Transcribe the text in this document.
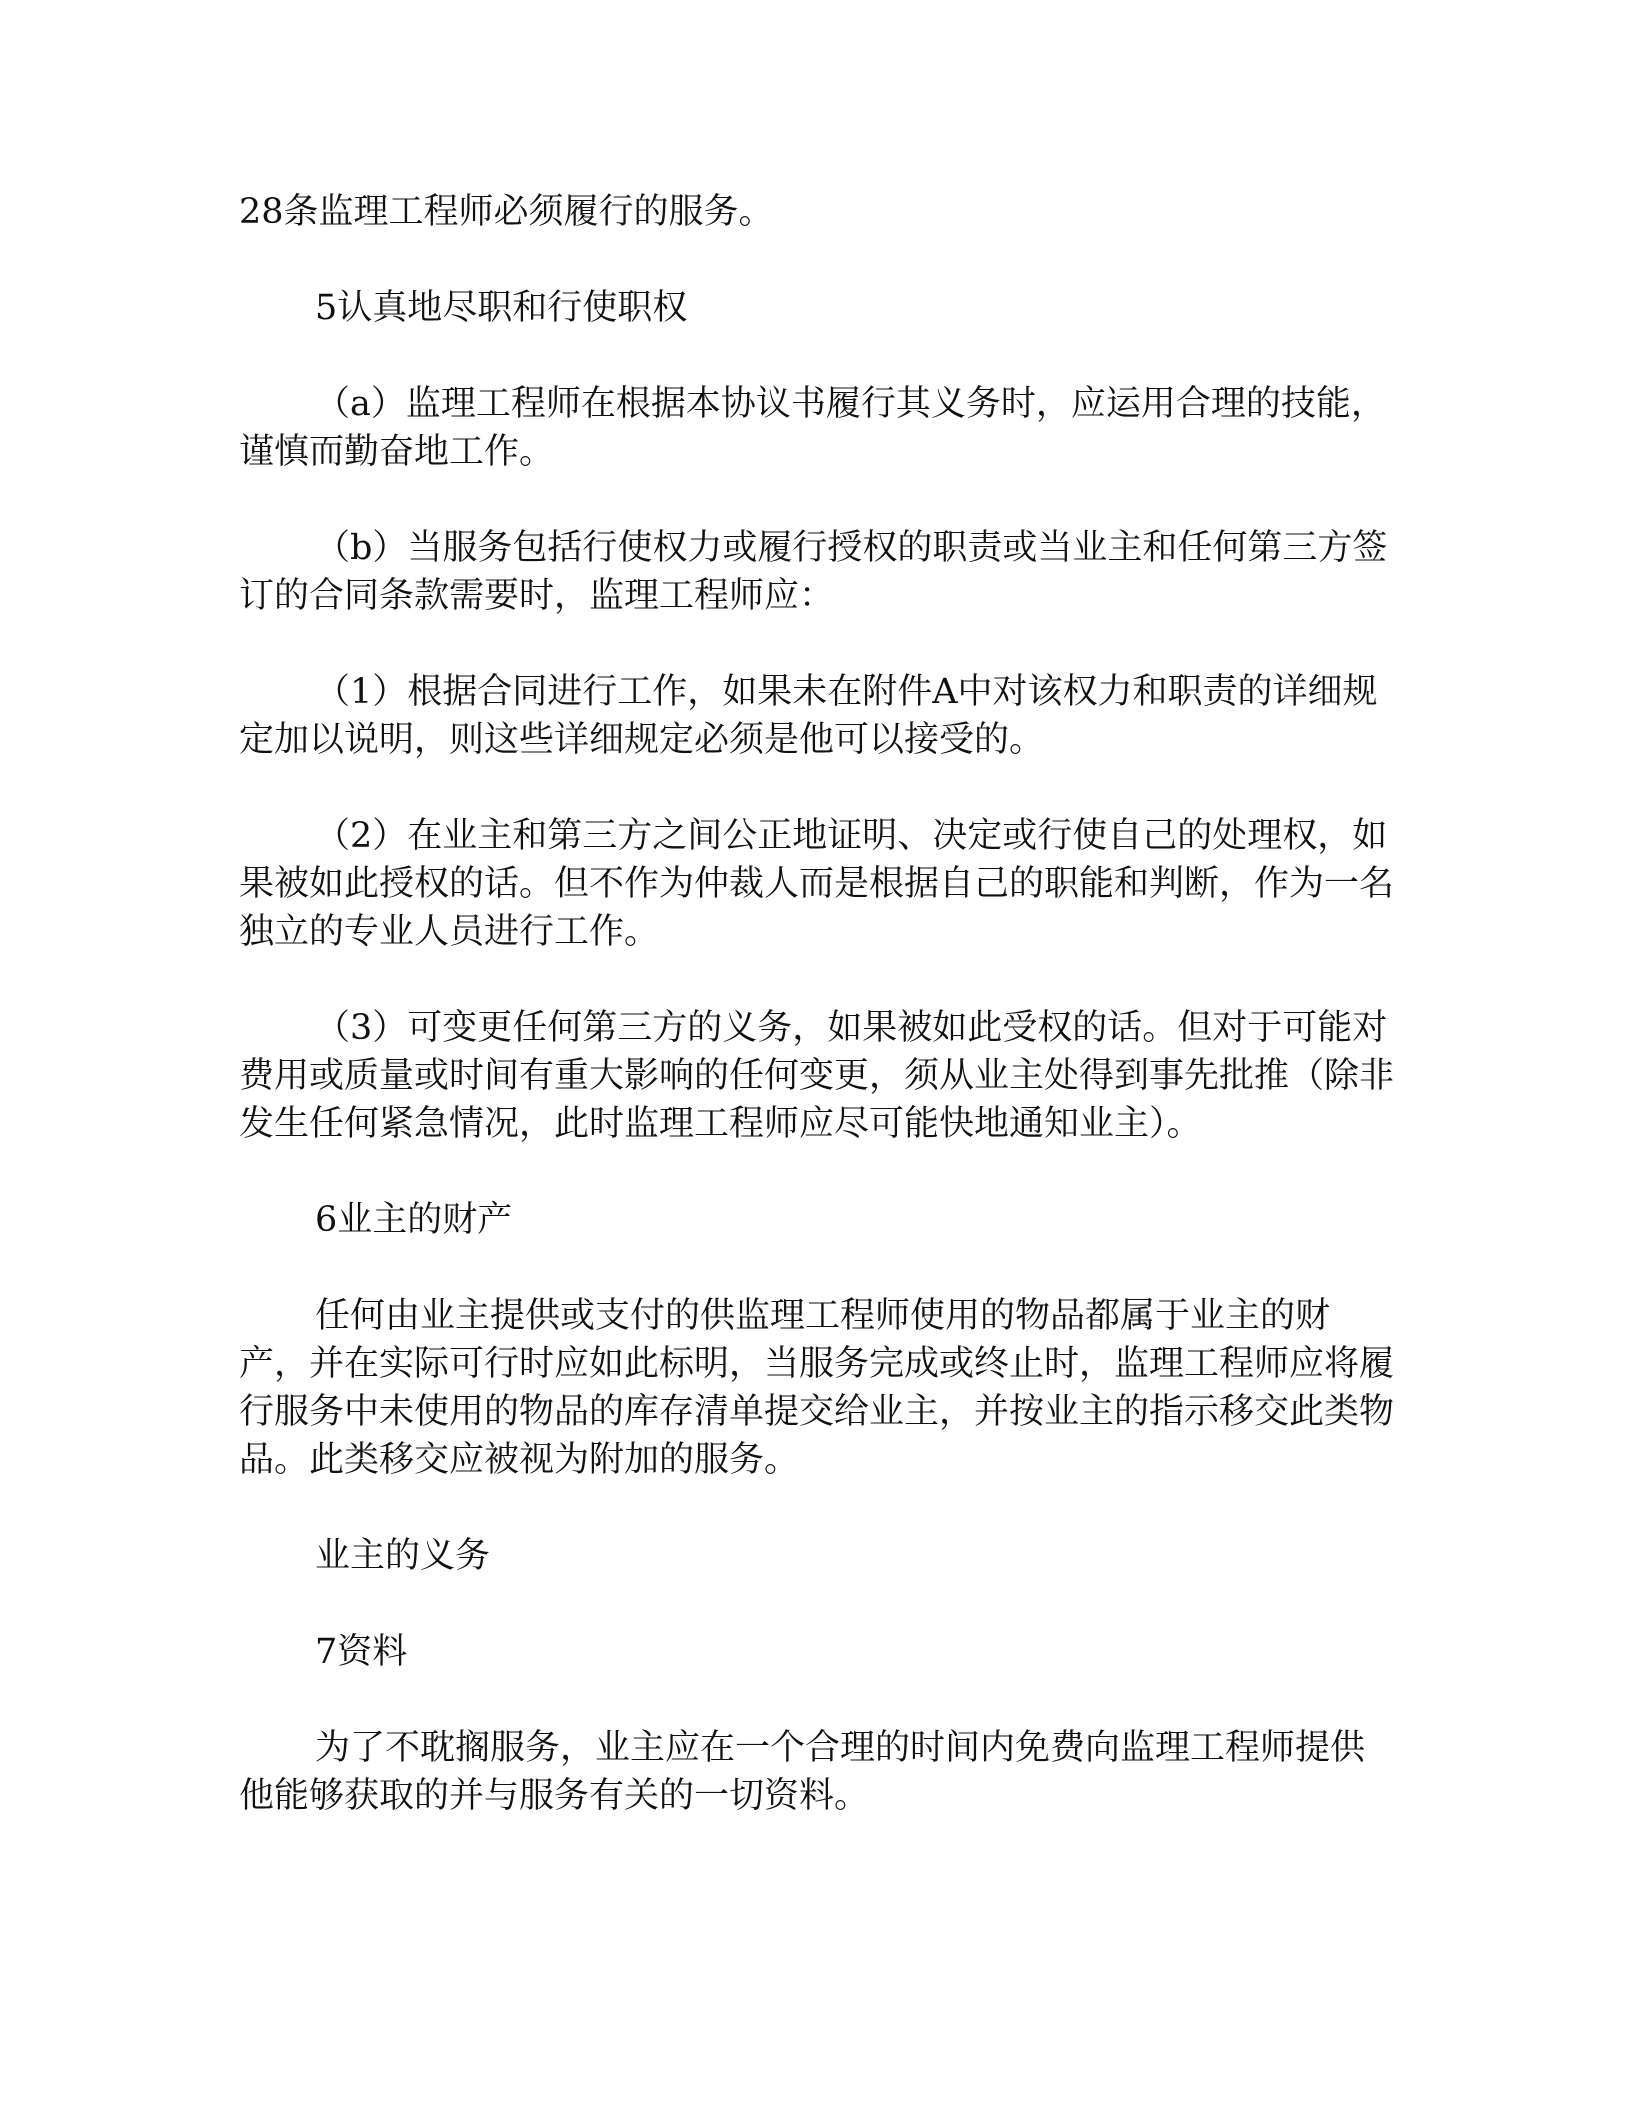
28条监理工程师必须履行的服务。

5认真地尽职和行使职权

（a）监理工程师在根据本协议书履行其义务时，应运用合理的技能，谨慎而勤奋地工作。

（b）当服务包括行使权力或履行授权的职责或当业主和任何第三方签订的合同条款需要时，监理工程师应：

（1）根据合同进行工作，如果未在附件A中对该权力和职责的详细规定加以说明，则这些详细规定必须是他可以接受的。

（2）在业主和第三方之间公正地证明、决定或行使自己的处理权，如果被如此授权的话。但不作为仲裁人而是根据自己的职能和判断，作为一名独立的专业人员进行工作。

（3）可变更任何第三方的义务，如果被如此受权的话。但对于可能对费用或质量或时间有重大影响的任何变更，须从业主处得到事先批推（除非发生任何紧急情况，此时监理工程师应尽可能快地通知业主）。

6业主的财产

任何由业主提供或支付的供监理工程师使用的物品都属于业主的财产，并在实际可行时应如此标明，当服务完成或终止时，监理工程师应将履行服务中未使用的物品的库存清单提交给业主，并按业主的指示移交此类物品。此类移交应被视为附加的服务。

业主的义务

7资料

为了不耽搁服务，业主应在一个合理的时间内免费向监理工程师提供他能够获取的并与服务有关的一切资料。
